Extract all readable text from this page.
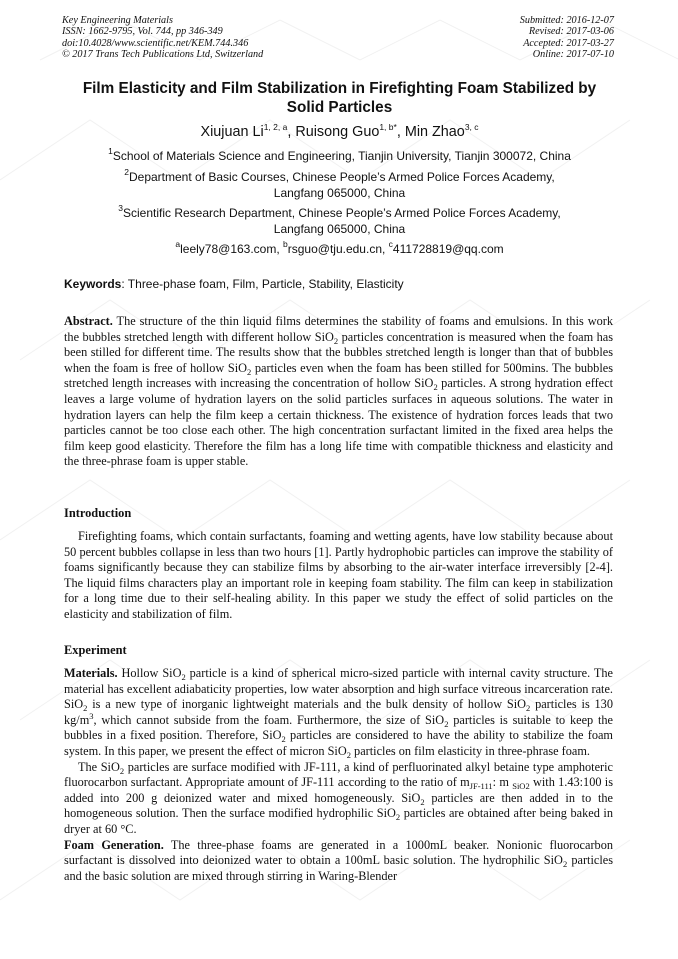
Key Engineering Materials
ISSN: 1662-9795, Vol. 744, pp 346-349
doi:10.4028/www.scientific.net/KEM.744.346
© 2017 Trans Tech Publications Ltd, Switzerland
Submitted: 2016-12-07
Revised: 2017-03-06
Accepted: 2017-03-27
Online: 2017-07-10
Film Elasticity and Film Stabilization in Firefighting Foam Stabilized by
Solid Particles
Xiujuan Li$^{1, 2, a}$, Ruisong Guo$^{1, b*}$, Min Zhao$^{3, c}$
$^1$School of Materials Science and Engineering, Tianjin University, Tianjin 300072, China
$^2$Department of Basic Courses, Chinese People’s Armed Police Forces Academy,
Langfang 065000, China
$^3$Scientific Research Department, Chinese People’s Armed Police Forces Academy,
Langfang 065000, China
$^a$leely78@163.com, $^b$rsguo@tju.edu.cn, $^c$411728819@qq.com
Keywords: Three-phase foam, Film, Particle, Stability, Elasticity

Abstract. The structure of the thin liquid films determines the stability of foams and emulsions. In this work the bubbles stretched length with different hollow SiO$_2$ particles concentration is measured when the foam has been stilled for different time. The results show that the bubbles stretched length is longer than that of bubbles when the foam is free of hollow SiO$_2$ particles even when the foam has been stilled for 500mins. The bubbles stretched length increases with increasing the concentration of hollow SiO$_2$ particles. A strong hydration effect leaves a large volume of hydration layers on the solid particles surfaces in aqueous solutions. The water in hydration layers can help the film keep a certain thickness. The existence of hydration forces leads that two particles cannot be too close each other. The high concentration surfactant limited in the fixed area helps the film keep good elasticity. Therefore the film has a long life time with compatible thickness and elasticity and the three-phrase foam is upper stable.

Introduction

Firefighting foams, which contain surfactants, foaming and wetting agents, have low stability because about 50 percent bubbles collapse in less than two hours [1]. Partly hydrophobic particles can improve the stability of foams significantly because they can stabilize films by absorbing to the air-water interface irreversibly [2-4]. The liquid films characters play an important role in keeping foam stability. The film can keep in stabilization for a long time due to their self-healing ability. In this paper we study the effect of solid particles on the elasticity and stabilization of film.

Experiment

Materials. Hollow SiO$_2$ particle is a kind of spherical micro-sized particle with internal cavity structure. The material has excellent adiabaticity properties, low water absorption and high surface vitreous incarceration rate. SiO$_2$ is a new type of inorganic lightweight materials and the bulk density of hollow SiO$_2$ particles is 130 $kg/m^3$, which cannot subside from the foam. Furthermore, the size of SiO$_2$ particles is suitable to keep the bubbles in a fixed position. Therefore, SiO$_2$ particles are considered to have the ability to stabilize the foam system. In this paper, we present the effect of micron SiO$_2$ particles on film elasticity in three-phrase foam.

The SiO$_2$ particles are surface modified with JF-111, a kind of perfluorinated alkyl betaine type amphoteric fluorocarbon surfactant. Appropriate amount of JF-111 according to the ratio of $m_{JF-111}$: m $_{SiO2}$ with 1.43:100 is added into 200 g deionized water and mixed homogeneously. SiO$_2$ particles are then added in to the homogeneous solution. Then the surface modified hydrophilic SiO$_2$ particles are obtained after being baked in dryer at 60 °C.

Foam Generation. The three-phase foams are generated in a 1000mL beaker. Nonionic fluorocarbon surfactant is dissolved into deionized water to obtain a 100mL basic solution. The hydrophilic SiO$_2$ particles and the basic solution are mixed through stirring in Waring-Blender
